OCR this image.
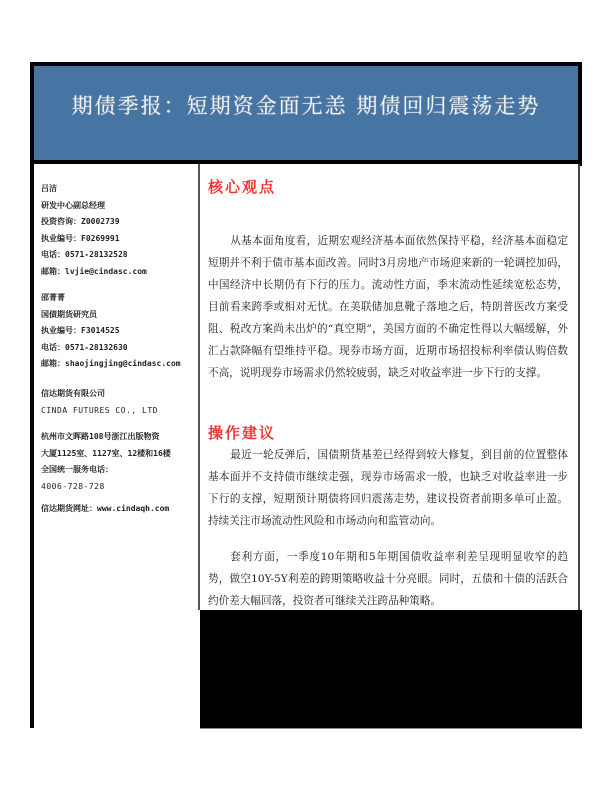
期债季报：短期资金面无恙 期债回归震荡走势
吕洁
研发中心副总经理
投资咨询：Z0002739
执业编号：F0269991
电话：0571-28132528
邮箱：lvjie@cindasc.com
邵菁菁
国债期货研究员
执业编号：F3014525
电话：0571-28132630
邮箱：shaojingjing@cindasc.com
信达期货有限公司
CINDA FUTURES CO., LTD
杭州市文晖路108号浙江出版物资
大厦1125室、1127室、12楼和16楼
全国统一服务电话：
4006-728-728
信达期货网址：www.cindaqh.com
核心观点
从基本面角度看，近期宏观经济基本面依然保持平稳，经济基本面稳定短期并不利于债市基本面改善。同时3月房地产市场迎来新的一轮调控加码，中国经济中长期仍有下行的压力。流动性方面，季末流动性延续宽松态势，目前看来跨季或相对无忧。在美联储加息靴子落地之后，特朗普医改方案受阻、税改方案尚未出炉的“真空期”，美国方面的不确定性得以大幅缓解，外汇占款降幅有望维持平稳。现券市场方面，近期市场招投标利率债认购倍数不高，说明现券市场需求仍然较疲弱，缺乏对收益率进一步下行的支撑。
操作建议
最近一轮反弹后，国债期货基差已经得到较大修复，到目前的位置整体基本面并不支持债市继续走强，现券市场需求一般，也缺乏对收益率进一步下行的支撑，短期预计期债将回归震荡走势，建议投资者前期多单可止盈。持续关注市场流动性风险和市场动向和监管动向。
套利方面，一季度10年期和5年期国债收益率利差呈现明显收窄的趋势，做空10Y-5Y利差的跨期策略收益十分亮眼。同时，五债和十债的活跃合约价差大幅回落，投资者可继续关注跨品种策略。
